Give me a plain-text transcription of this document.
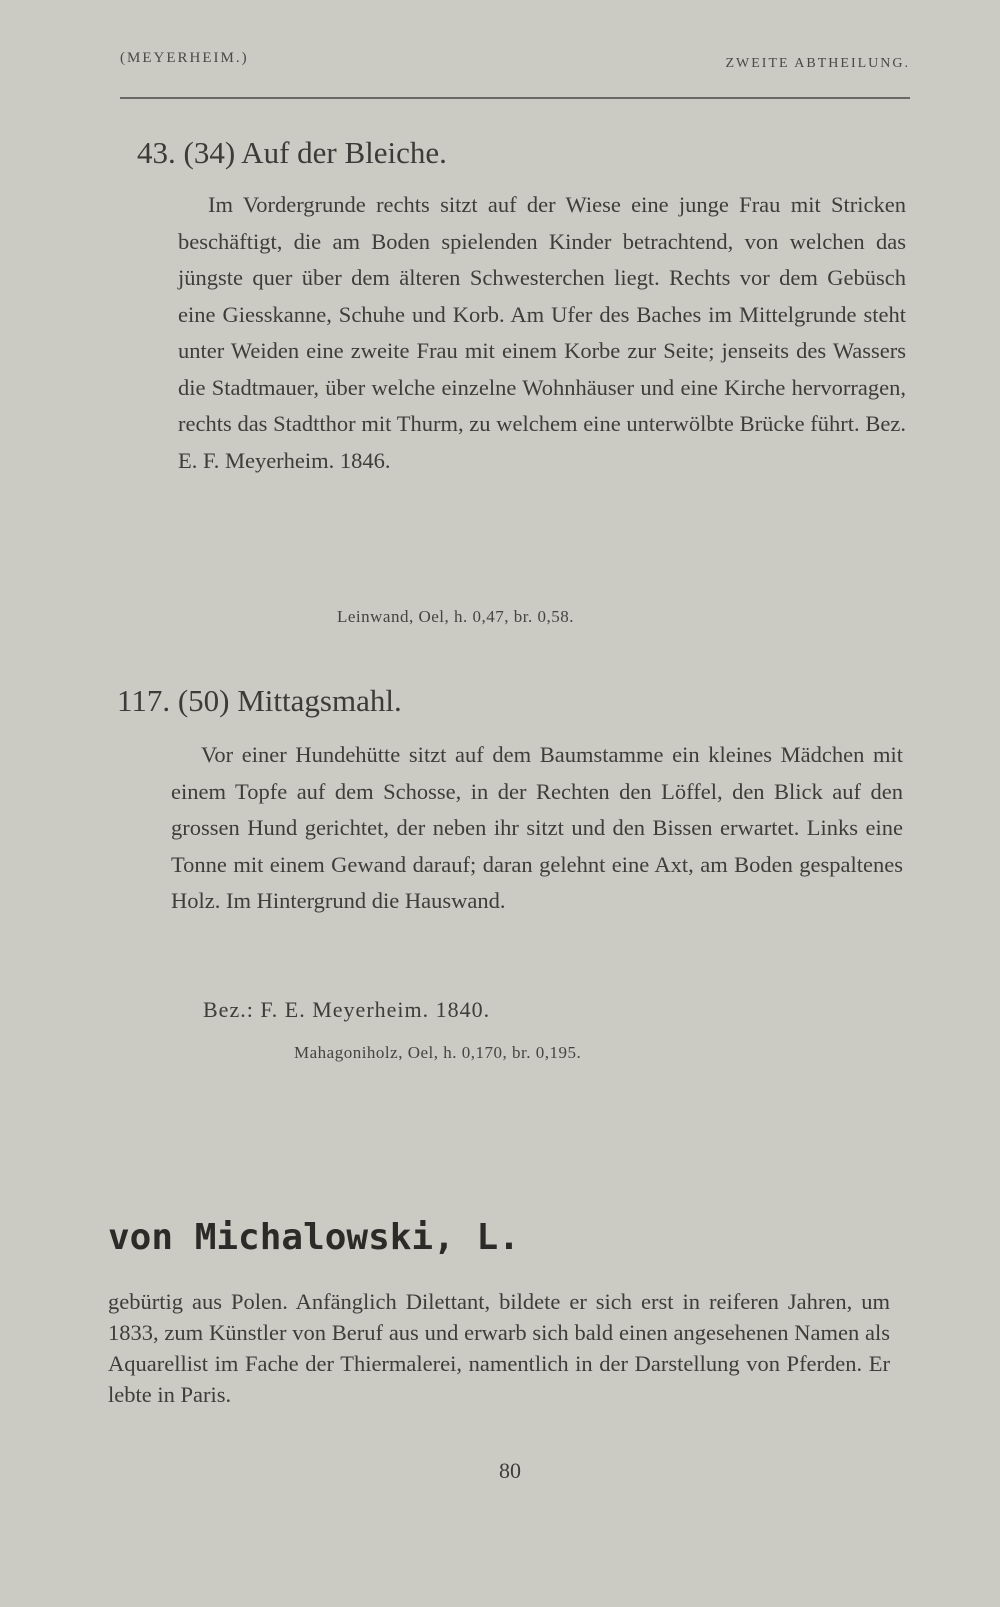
(MEYERHEIM.)	ZWEITE ABTHEILUNG.
43. (34) Auf der Bleiche.

Im Vordergrunde rechts sitzt auf der Wiese eine junge Frau mit Stricken beschäftigt, die am Boden spielenden Kinder betrachtend, von welchen das jüngste quer über dem älteren Schwesterchen liegt. Rechts vor dem Gebüsch eine Giesskanne, Schuhe und Korb. Am Ufer des Baches im Mittelgrunde steht unter Weiden eine zweite Frau mit einem Korbe zur Seite; jenseits des Wassers die Stadtmauer, über welche einzelne Wohnhäuser und eine Kirche hervorragen, rechts das Stadtthor mit Thurm, zu welchem eine unterwölbte Brücke führt. Bez. E. F. Meyerheim. 1846.

Leinwand, Oel, h. 0,47, br. 0,58.

117. (50) Mittagsmahl.

Vor einer Hundehütte sitzt auf dem Baumstamme ein kleines Mädchen mit einem Topfe auf dem Schosse, in der Rechten den Löffel, den Blick auf den grossen Hund gerichtet, der neben ihr sitzt und den Bissen erwartet. Links eine Tonne mit einem Gewand darauf; daran gelehnt eine Axt, am Boden gespaltenes Holz. Im Hintergrund die Hauswand.

Bez.: F. E. Meyerheim. 1840.

Mahagoniholz, Oel, h. 0,170, br. 0,195.

von Michalowski, L.

gebürtig aus Polen. Anfänglich Dilettant, bildete er sich erst in reiferen Jahren, um 1833, zum Künstler von Beruf aus und erwarb sich bald einen angesehenen Namen als Aquarellist im Fache der Thiermalerei, namentlich in der Darstellung von Pferden. Er lebte in Paris.

80
